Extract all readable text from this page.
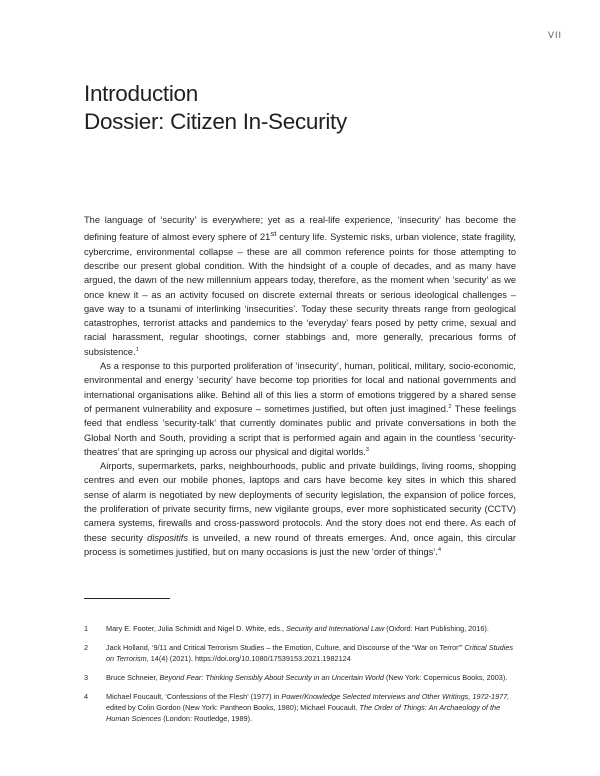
VII
Introduction
Dossier: Citizen In-Security

The language of ‘security’ is everywhere; yet as a real-life experience, ‘insecurity’ has become the defining feature of almost every sphere of 21st century life. Systemic risks, urban violence, state fragility, cybercrime, environmental collapse – these are all common reference points for those attempting to describe our present global condition. With the hindsight of a couple of decades, and as many have argued, the dawn of the new millennium appears today, therefore, as the moment when ‘security’ as we once knew it – as an activity focused on discrete external threats or serious ideological challenges – gave way to a tsunami of interlinking ‘insecurities’. Today these security threats range from geological catastrophes, terrorist attacks and pandemics to the ‘everyday’ fears posed by petty crime, sexual and racial harassment, regular shootings, corner stabbings and, more generally, precarious forms of subsistence.$^1$

As a response to this purported proliferation of ‘insecurity’, human, political, military, socio-economic, environmental and energy ‘security’ have become top priorities for local and national governments and international organisations alike. Behind all of this lies a storm of emotions triggered by a shared sense of permanent vulnerability and exposure – sometimes justified, but often just imagined.$^2$ These feelings feed that endless ‘security-talk’ that currently dominates public and private conversations in both the Global North and South, providing a script that is performed again and again in the countless ‘security-theatres’ that are springing up across our physical and digital worlds.$^3$

Airports, supermarkets, parks, neighbourhoods, public and private buildings, living rooms, shopping centres and even our mobile phones, laptops and cars have become key sites in which this shared sense of alarm is negotiated by new deployments of security legislation, the expansion of police forces, the proliferation of private security firms, new vigilante groups, ever more sophisticated security (CCTV) camera systems, firewalls and cross-password protocols. And the story does not end there. As each of these security dispositifs is unveiled, a new round of threats emerges. And, once again, this circular process is sometimes justified, but on many occasions is just the new ‘order of things’.$^4$

1 Mary E. Footer, Julia Schmidt and Nigel D. White, eds., Security and International Law (Oxford: Hart Publishing, 2016).
2 Jack Holland, ‘9/11 and Critical Terrorism Studies – the Emotion, Culture, and Discourse of the “War on Terror”’ Critical Studies on Terrorism, 14(4) (2021). https://doi.org/10.1080/17539153.2021.1982124
3 Bruce Schneier, Beyond Fear: Thinking Sensibly About Security in an Uncertain World (New York: Copernicus Books, 2003).
4 Michael Foucault, ‘Confessions of the Flesh’ (1977) in Power/Knowledge Selected Interviews and Other Writings, 1972-1977, edited by Colin Gordon (New York: Pantheon Books, 1980); Michael Foucault. The Order of Things: An Archaeology of the Human Sciences (London: Routledge, 1989).
